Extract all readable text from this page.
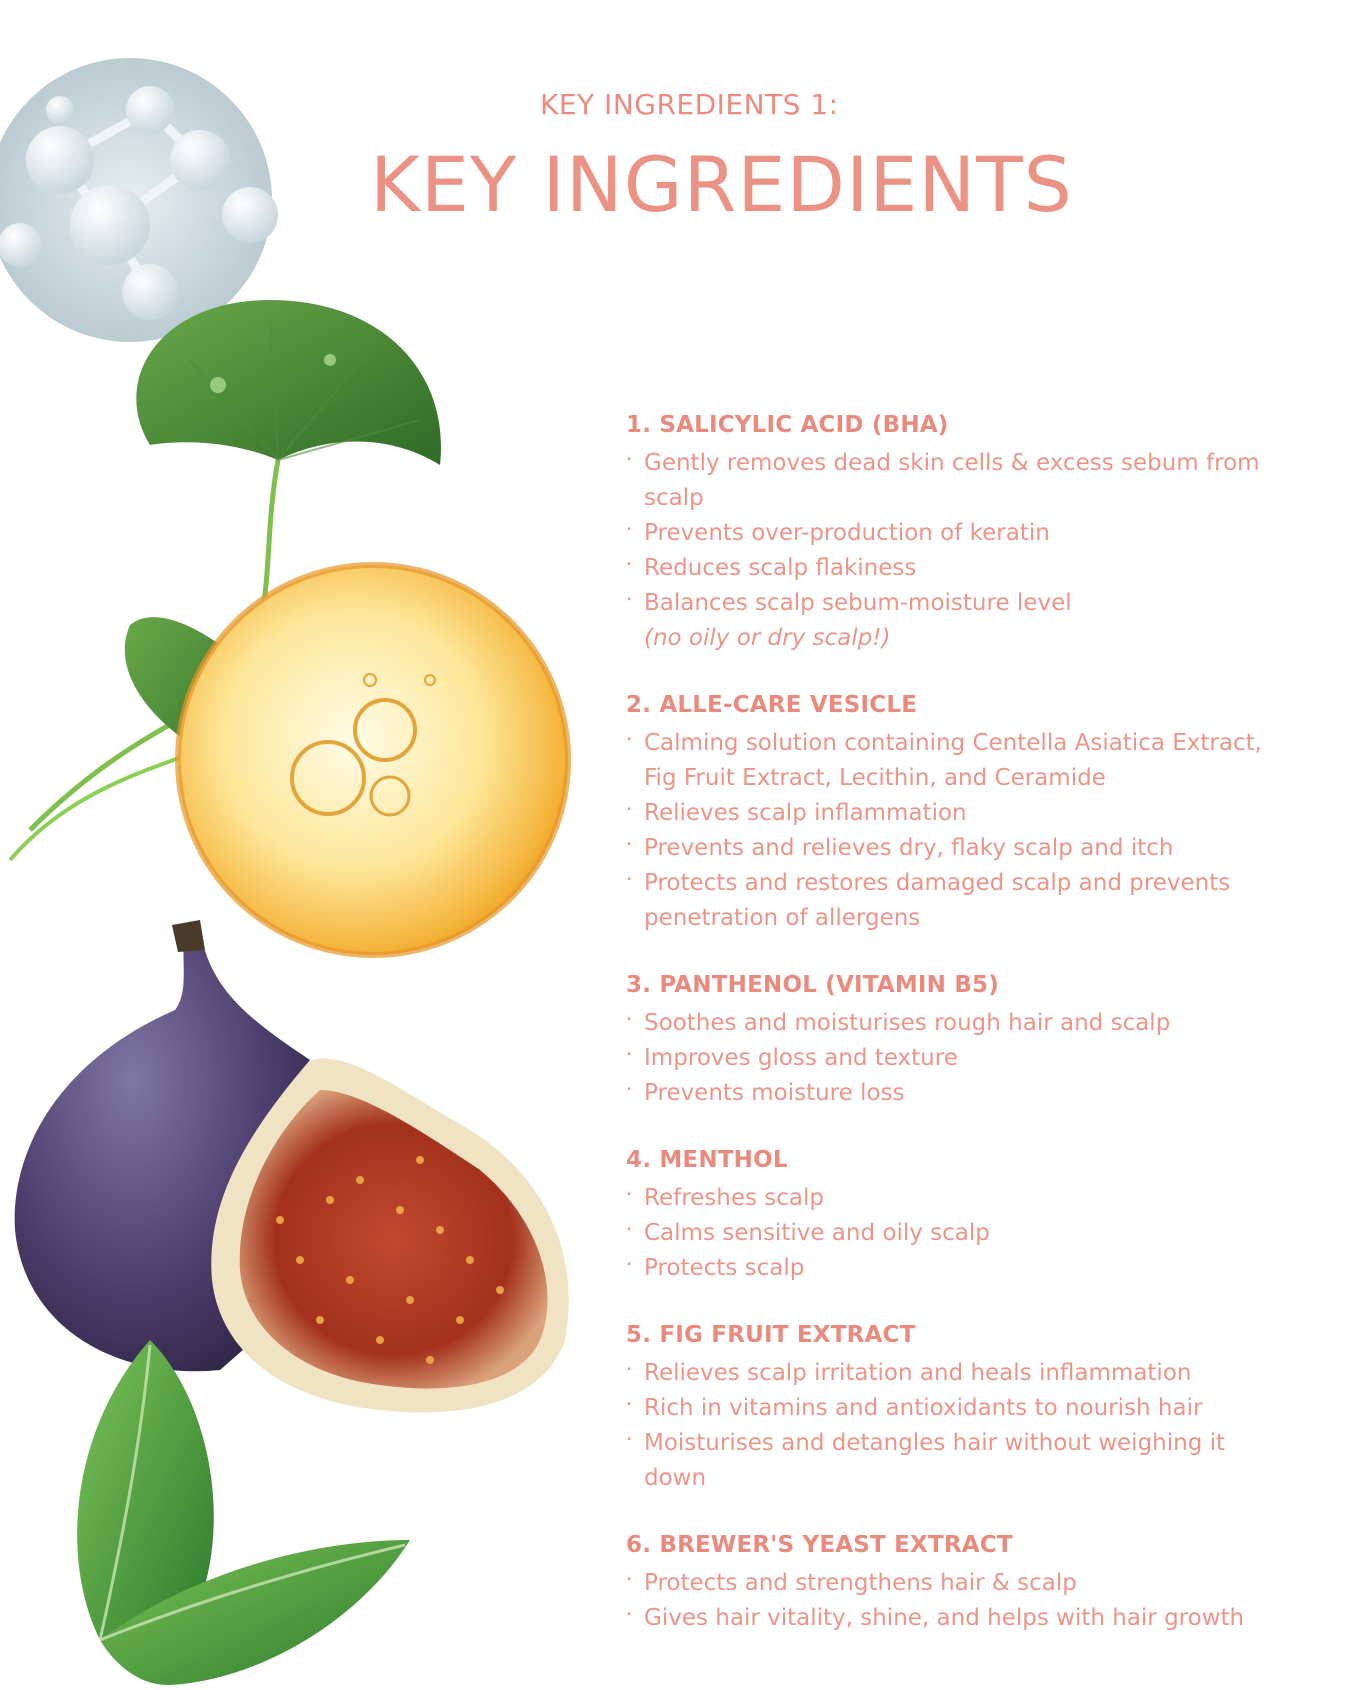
KEY INGREDIENTS 1:
KEY INGREDIENTS
1. SALICYLIC ACID (BHA)
· Gently removes dead skin cells & excess sebum from scalp
· Prevents over-production of keratin
· Reduces scalp flakiness
· Balances scalp sebum-moisture level
(no oily or dry scalp!)
2. ALLE-CARE VESICLE
· Calming solution containing Centella Asiatica Extract, Fig Fruit Extract, Lecithin, and Ceramide
· Relieves scalp inflammation
· Prevents and relieves dry, flaky scalp and itch
· Protects and restores damaged scalp and prevents penetration of allergens
3. PANTHENOL (VITAMIN B5)
· Soothes and moisturises rough hair and scalp
· Improves gloss and texture
· Prevents moisture loss
4. MENTHOL
· Refreshes scalp
· Calms sensitive and oily scalp
· Protects scalp
5. FIG FRUIT EXTRACT
· Relieves scalp irritation and heals inflammation
· Rich in vitamins and antioxidants to nourish hair
· Moisturises and detangles hair without weighing it down
6. BREWER'S YEAST EXTRACT
· Protects and strengthens hair & scalp
· Gives hair vitality, shine, and helps with hair growth
